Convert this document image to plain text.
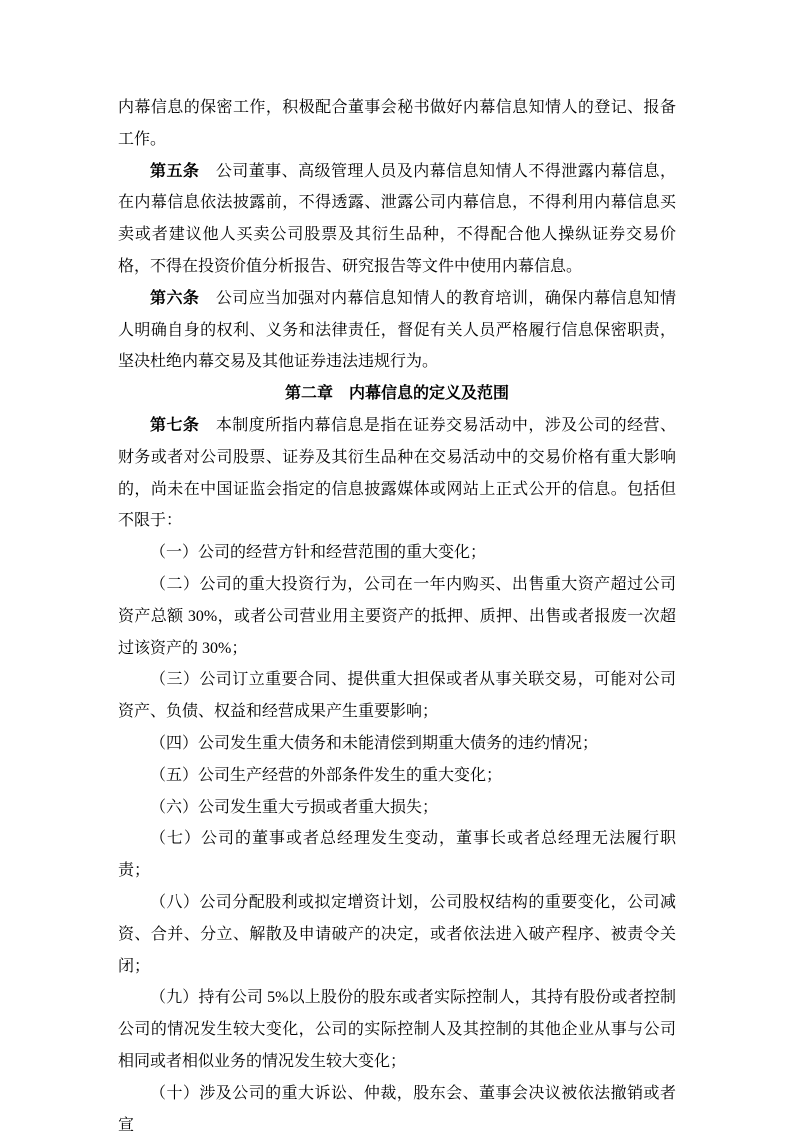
内幕信息的保密工作，积极配合董事会秘书做好内幕信息知情人的登记、报备工作。

第五条　 公司董事、高级管理人员及内幕信息知情人不得泄露内幕信息，在内幕信息依法披露前，不得透露、泄露公司内幕信息，不得利用内幕信息买卖或者建议他人买卖公司股票及其衍生品种，不得配合他人操纵证券交易价格，不得在投资价值分析报告、研究报告等文件中使用内幕信息。

第六条　 公司应当加强对内幕信息知情人的教育培训，确保内幕信息知情人明确自身的权利、义务和法律责任，督促有关人员严格履行信息保密职责，坚决杜绝内幕交易及其他证券违法违规行为。

第二章　 内幕信息的定义及范围

第七条　 本制度所指内幕信息是指在证券交易活动中，涉及公司的经营、财务或者对公司股票、证券及其衍生品种在交易活动中的交易价格有重大影响的，尚未在中国证监会指定的信息披露媒体或网站上正式公开的信息。包括但不限于：

（一）公司的经营方针和经营范围的重大变化；

（二）公司的重大投资行为，公司在一年内购买、出售重大资产超过公司资产总额 30%，或者公司营业用主要资产的抵押、质押、出售或者报废一次超过该资产的 30%；

（三）公司订立重要合同、提供重大担保或者从事关联交易，可能对公司资产、负债、权益和经营成果产生重要影响；

（四）公司发生重大债务和未能清偿到期重大债务的违约情况；

（五）公司生产经营的外部条件发生的重大变化；

（六）公司发生重大亏损或者重大损失；

（七）公司的董事或者总经理发生变动，董事长或者总经理无法履行职责；

（八）公司分配股利或拟定增资计划，公司股权结构的重要变化，公司减资、合并、分立、解散及申请破产的决定，或者依法进入破产程序、被责令关闭；

（九）持有公司 5%以上股份的股东或者实际控制人，其持有股份或者控制公司的情况发生较大变化，公司的实际控制人及其控制的其他企业从事与公司相同或者相似业务的情况发生较大变化；

（十）涉及公司的重大诉讼、仲裁，股东会、董事会决议被依法撤销或者宣
